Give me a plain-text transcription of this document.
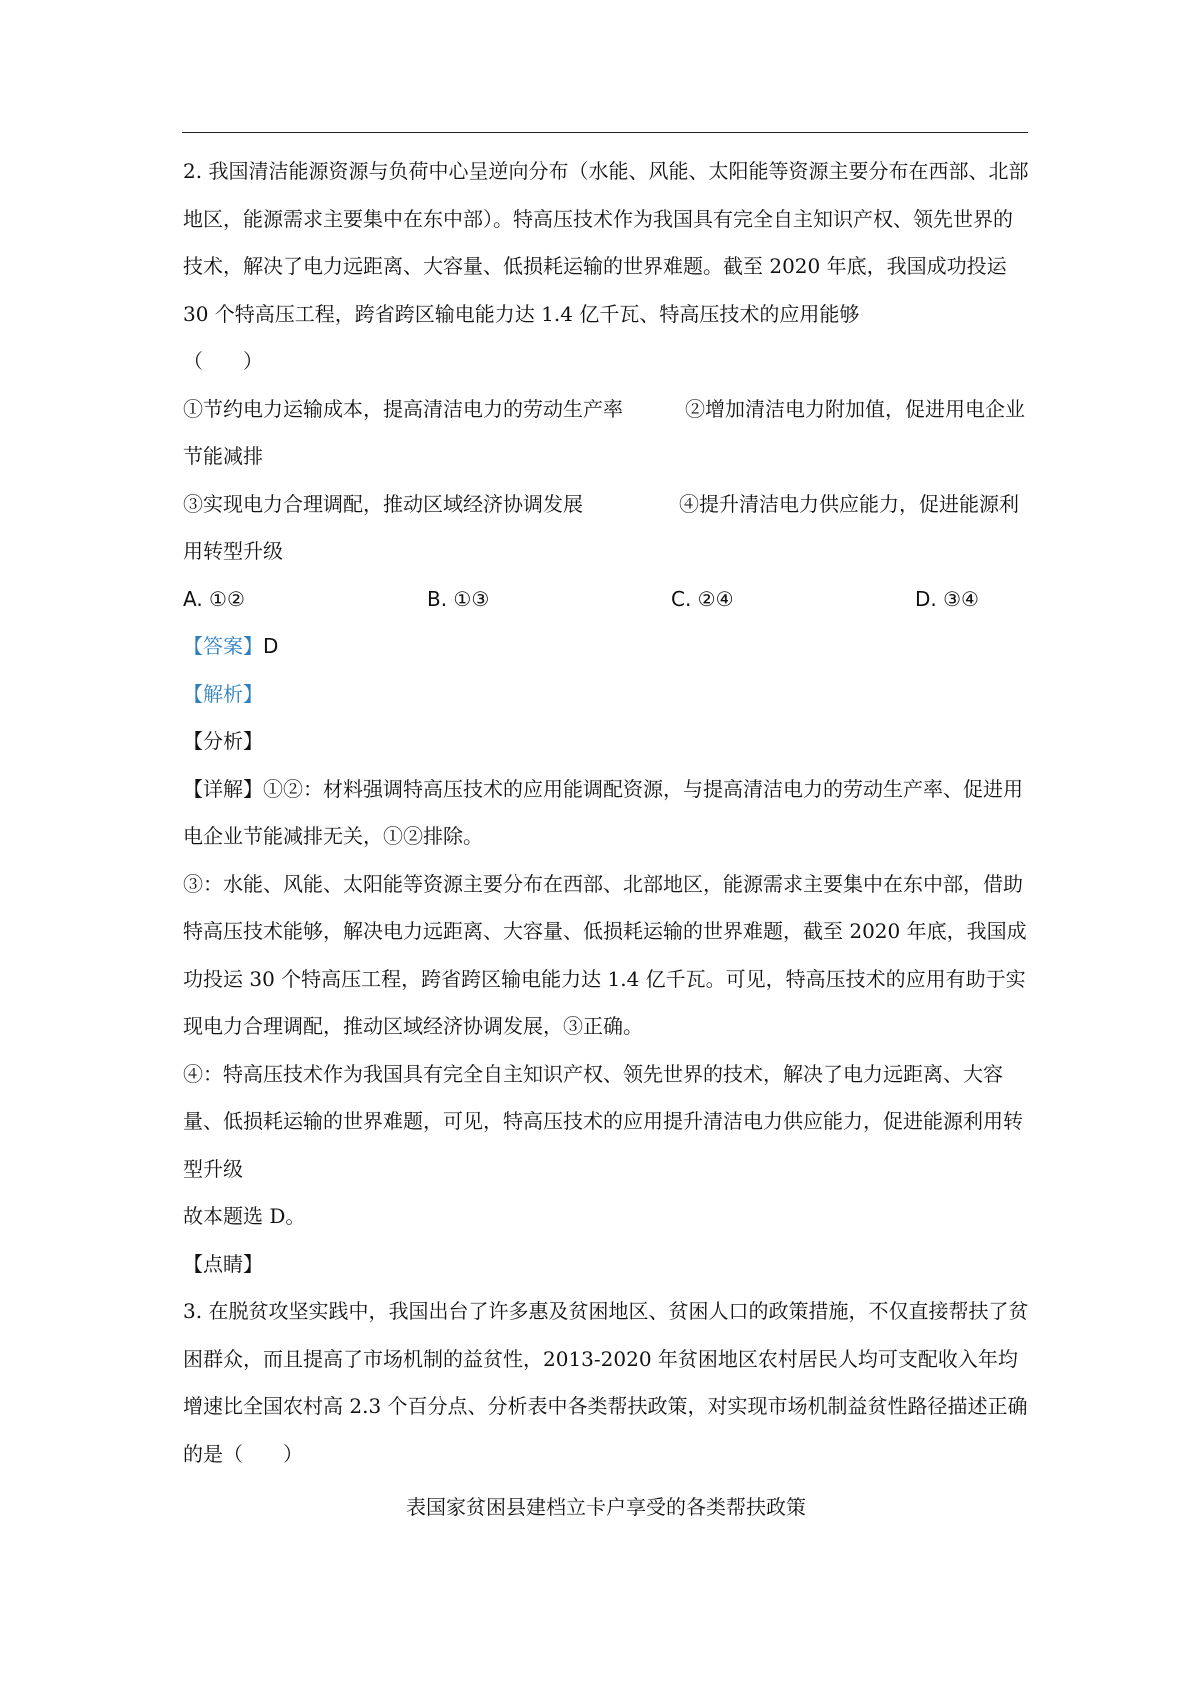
2. 我国清洁能源资源与负荷中心呈逆向分布（水能、风能、太阳能等资源主要分布在西部、北部地区，能源需求主要集中在东中部）。特高压技术作为我国具有完全自主知识产权、领先世界的技术，解决了电力远距离、大容量、低损耗运输的世界难题。截至 2020 年底，我国成功投运 30 个特高压工程，跨省跨区输电能力达 1.4 亿千瓦、特高压技术的应用能够

（　　）

①节约电力运输成本，提高清洁电力的劳动生产率	②增加清洁电力附加值，促进用电企业节能减排

③实现电力合理调配，推动区域经济协调发展	④提升清洁电力供应能力，促进能源利用转型升级

A. ①②	B. ①③	C. ②④	D. ③④

【答案】D

【解析】

【分析】

【详解】①②：材料强调特高压技术的应用能调配资源，与提高清洁电力的劳动生产率、促进用电企业节能减排无关，①②排除。

③：水能、风能、太阳能等资源主要分布在西部、北部地区，能源需求主要集中在东中部，借助特高压技术能够，解决电力远距离、大容量、低损耗运输的世界难题，截至 2020 年底，我国成功投运 30 个特高压工程，跨省跨区输电能力达 1.4 亿千瓦。可见，特高压技术的应用有助于实现电力合理调配，推动区域经济协调发展，③正确。

④：特高压技术作为我国具有完全自主知识产权、领先世界的技术，解决了电力远距离、大容量、低损耗运输的世界难题，可见，特高压技术的应用提升清洁电力供应能力，促进能源利用转型升级

故本题选 D。

【点睛】

3. 在脱贫攻坚实践中，我国出台了许多惠及贫困地区、贫困人口的政策措施，不仅直接帮扶了贫困群众，而且提高了市场机制的益贫性，2013-2020 年贫困地区农村居民人均可支配收入年均增速比全国农村高 2.3 个百分点、分析表中各类帮扶政策，对实现市场机制益贫性路径描述正确的是（　　）

表国家贫困县建档立卡户享受的各类帮扶政策
